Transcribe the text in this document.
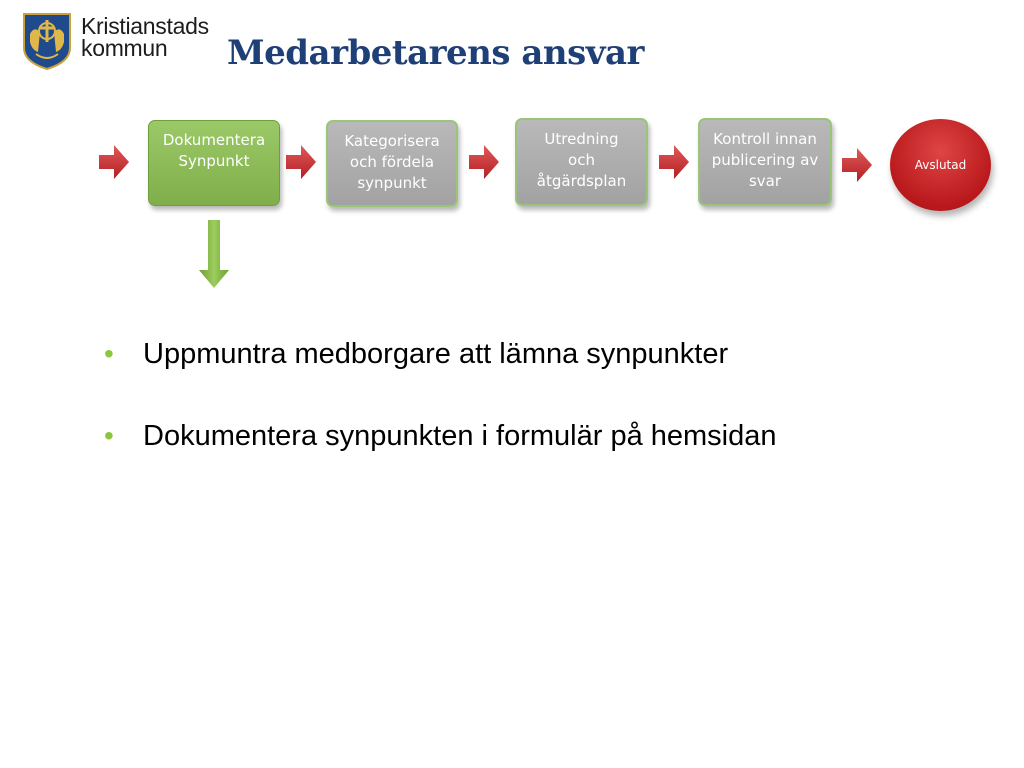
Kristianstads
kommun	Medarbetarens ansvar
Dokumentera
Synpunkt
Kategorisera
och fördela
synpunkt
Utredning
och
åtgärdsplan
Kontroll innan
publicering av
svar
Avslutad
• Uppmuntra medborgare att lämna synpunkter
• Dokumentera synpunkten i formulär på hemsidan
